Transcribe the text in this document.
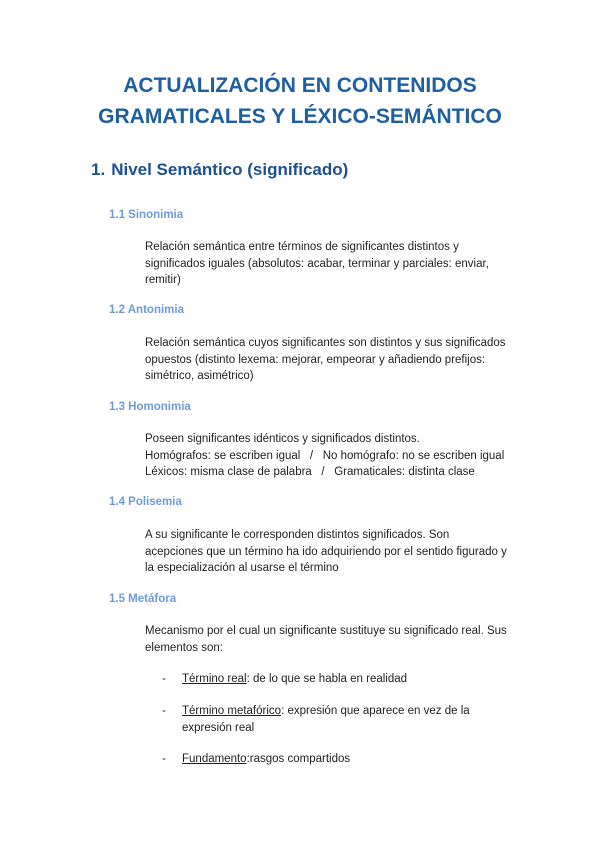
ACTUALIZACIÓN EN CONTENIDOS
GRAMATICALES Y LÉXICO-SEMÁNTICO
1. Nivel Semántico (significado)
1.1 Sinonimia
Relación semántica entre términos de significantes distintos y
significados iguales (absolutos: acabar, terminar y parciales: enviar,
remitir)
1.2 Antonimia
Relación semántica cuyos significantes son distintos y sus significados
opuestos (distinto lexema: mejorar, empeorar y añadiendo prefijos:
simétrico, asimétrico)
1.3 Homonimia
Poseen significantes idénticos y significados distintos.
Homógrafos: se escriben igual   /   No homógrafo: no se escriben igual
Léxicos: misma clase de palabra   /   Gramaticales: distinta clase
1.4 Polisemia
A su significante le corresponden distintos significados. Son
acepciones que un término ha ido adquiriendo por el sentido figurado y
la especialización al usarse el término
1.5 Metáfora
Mecanismo por el cual un significante sustituye su significado real. Sus
elementos son:
- Término real: de lo que se habla en realidad
- Término metafórico: expresión que aparece en vez de la
expresión real
- Fundamento:rasgos compartidos
